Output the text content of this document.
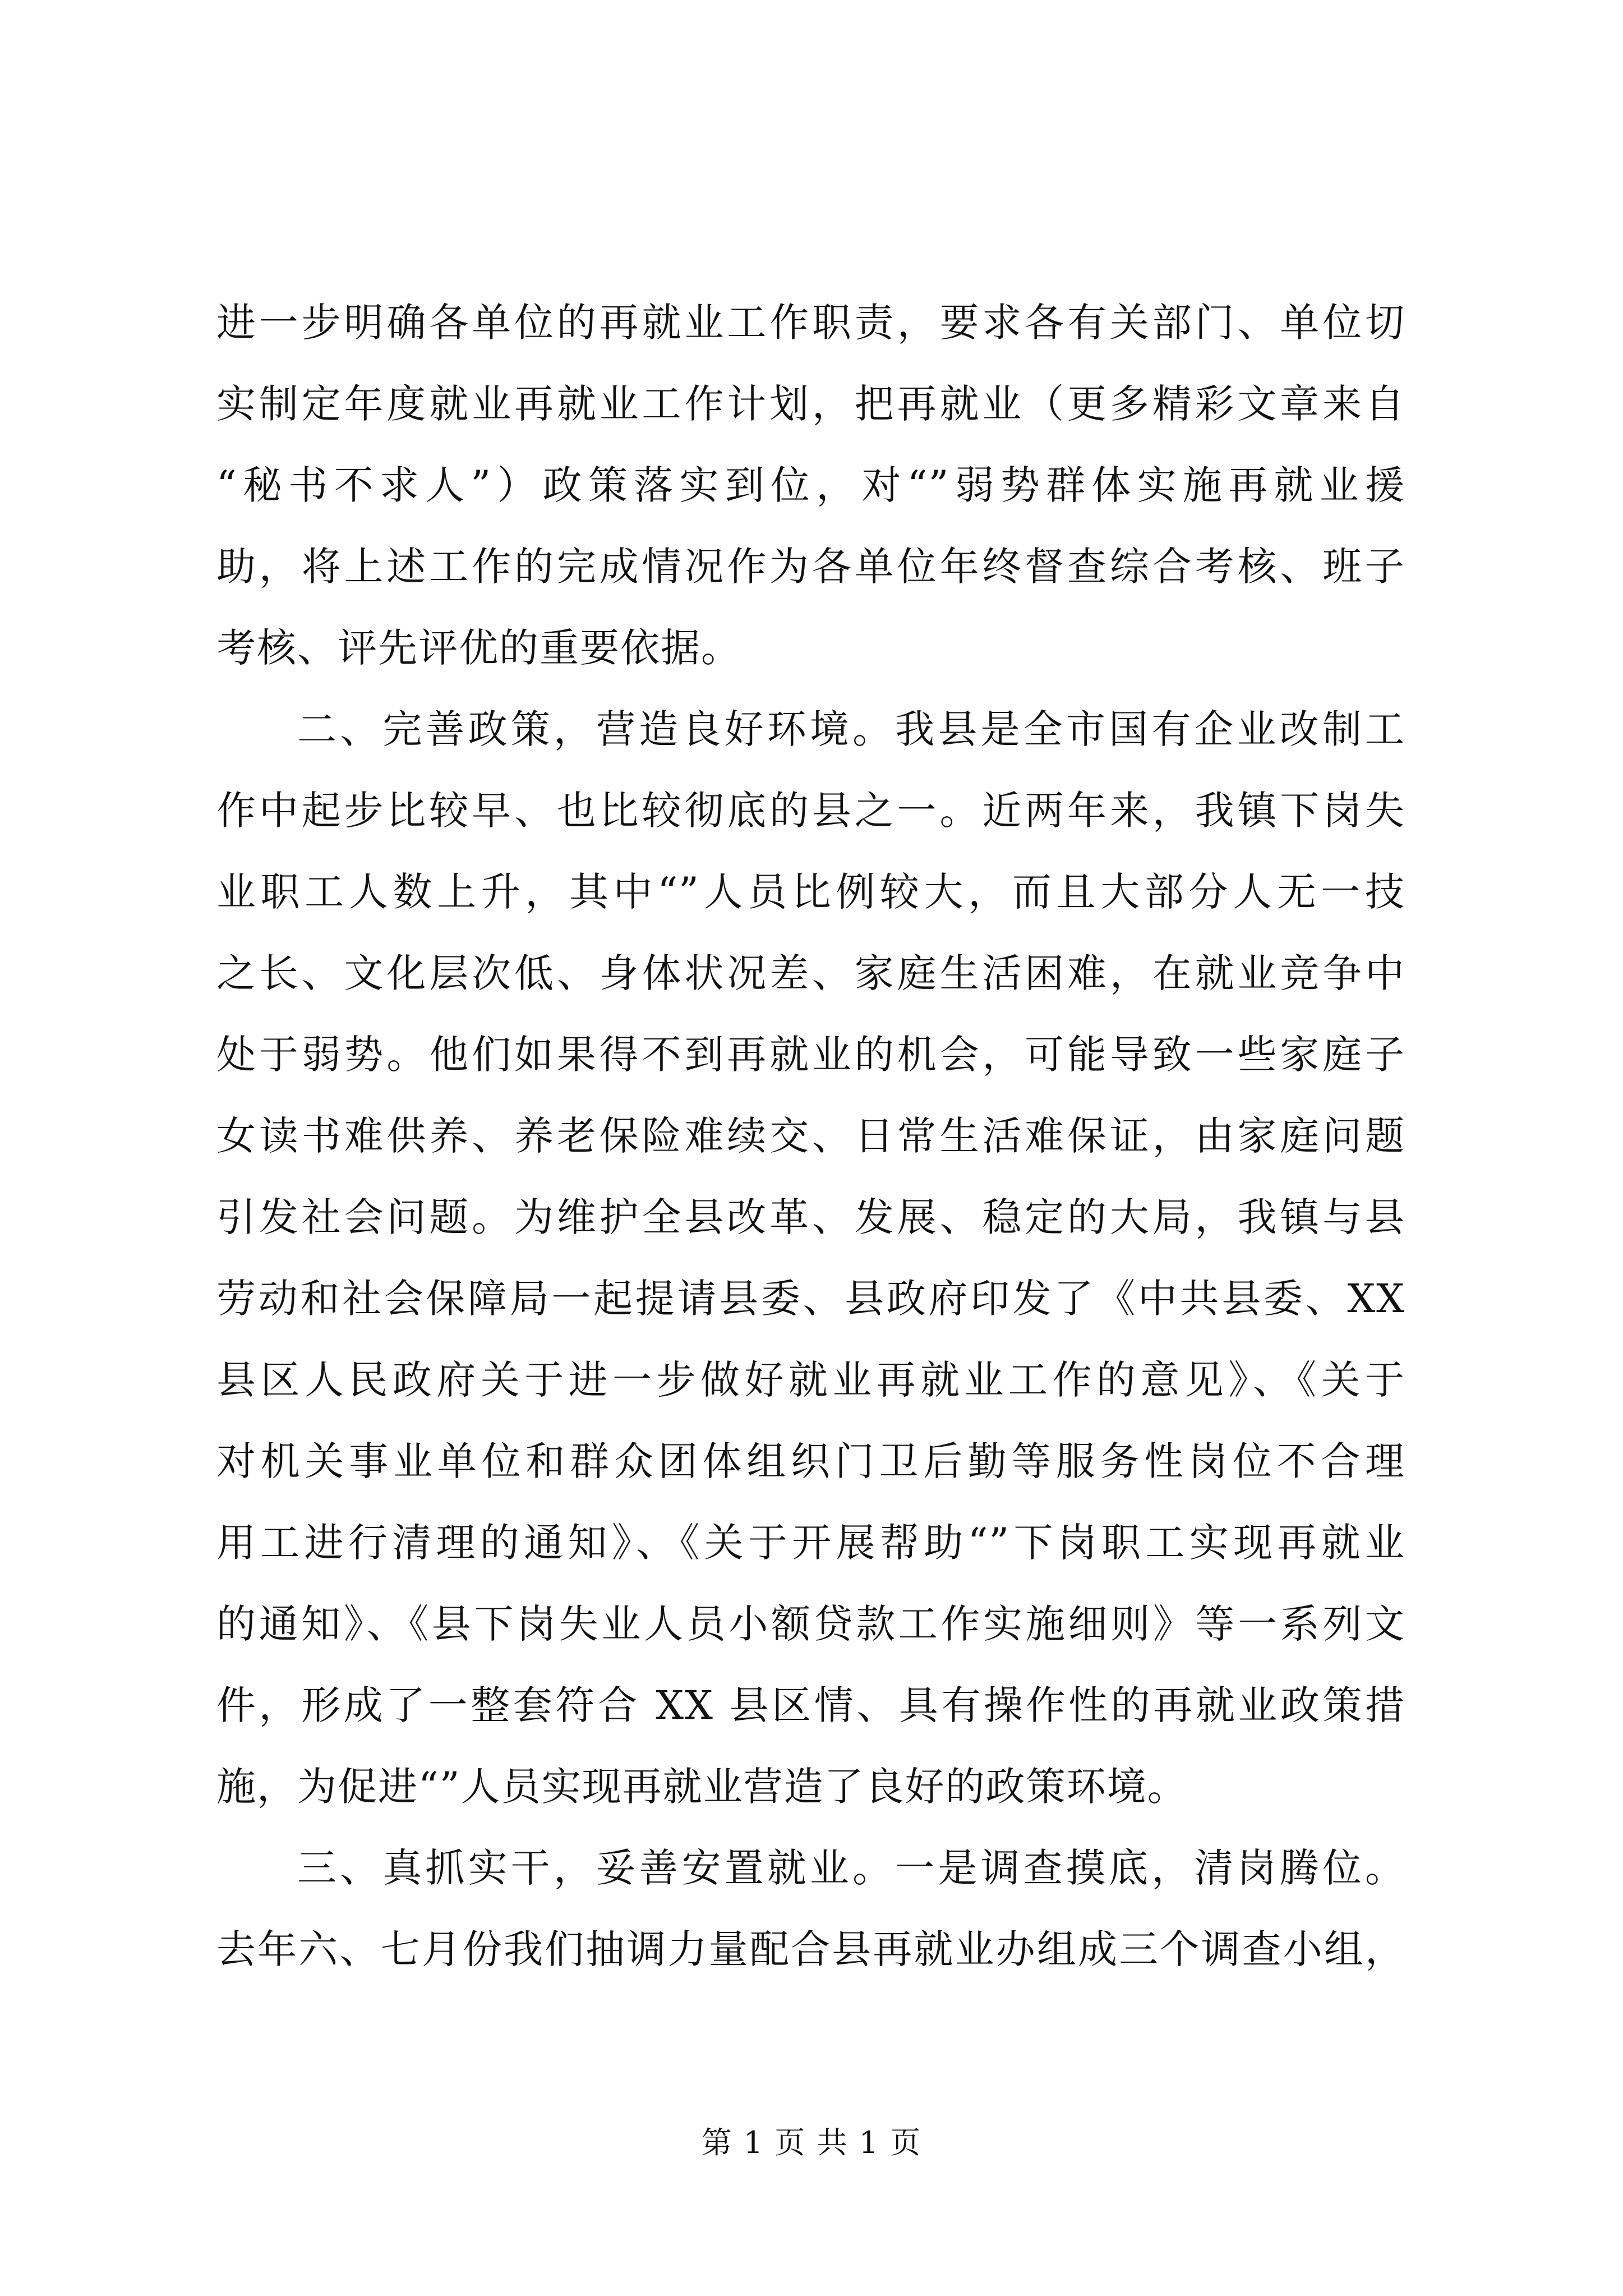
进一步明确各单位的再就业工作职责，要求各有关部门、单位切
实制定年度就业再就业工作计划，把再就业（更多精彩文章来自
“秘书不求人”）政策落实到位，对“”弱势群体实施再就业援
助，将上述工作的完成情况作为各单位年终督查综合考核、班子
考核、评先评优的重要依据。
二、完善政策，营造良好环境。我县是全市国有企业改制工
作中起步比较早、也比较彻底的县之一。近两年来，我镇下岗失
业职工人数上升，其中“”人员比例较大，而且大部分人无一技
之长、文化层次低、身体状况差、家庭生活困难，在就业竞争中
处于弱势。他们如果得不到再就业的机会，可能导致一些家庭子
女读书难供养、养老保险难续交、日常生活难保证，由家庭问题
引发社会问题。为维护全县改革、发展、稳定的大局，我镇与县
劳动和社会保障局一起提请县委、县政府印发了《中共县委、XX
县区人民政府关于进一步做好就业再就业工作的意见》、《关于
对机关事业单位和群众团体组织门卫后勤等服务性岗位不合理
用工进行清理的通知》、《关于开展帮助“”下岗职工实现再就业
的通知》、《县下岗失业人员小额贷款工作实施细则》等一系列文
件，形成了一整套符合 XX 县区情、具有操作性的再就业政策措
施，为促进“”人员实现再就业营造了良好的政策环境。
三、真抓实干，妥善安置就业。一是调查摸底，清岗腾位。
去年六、七月份我们抽调力量配合县再就业办组成三个调查小组，
第 1 页 共 1 页
